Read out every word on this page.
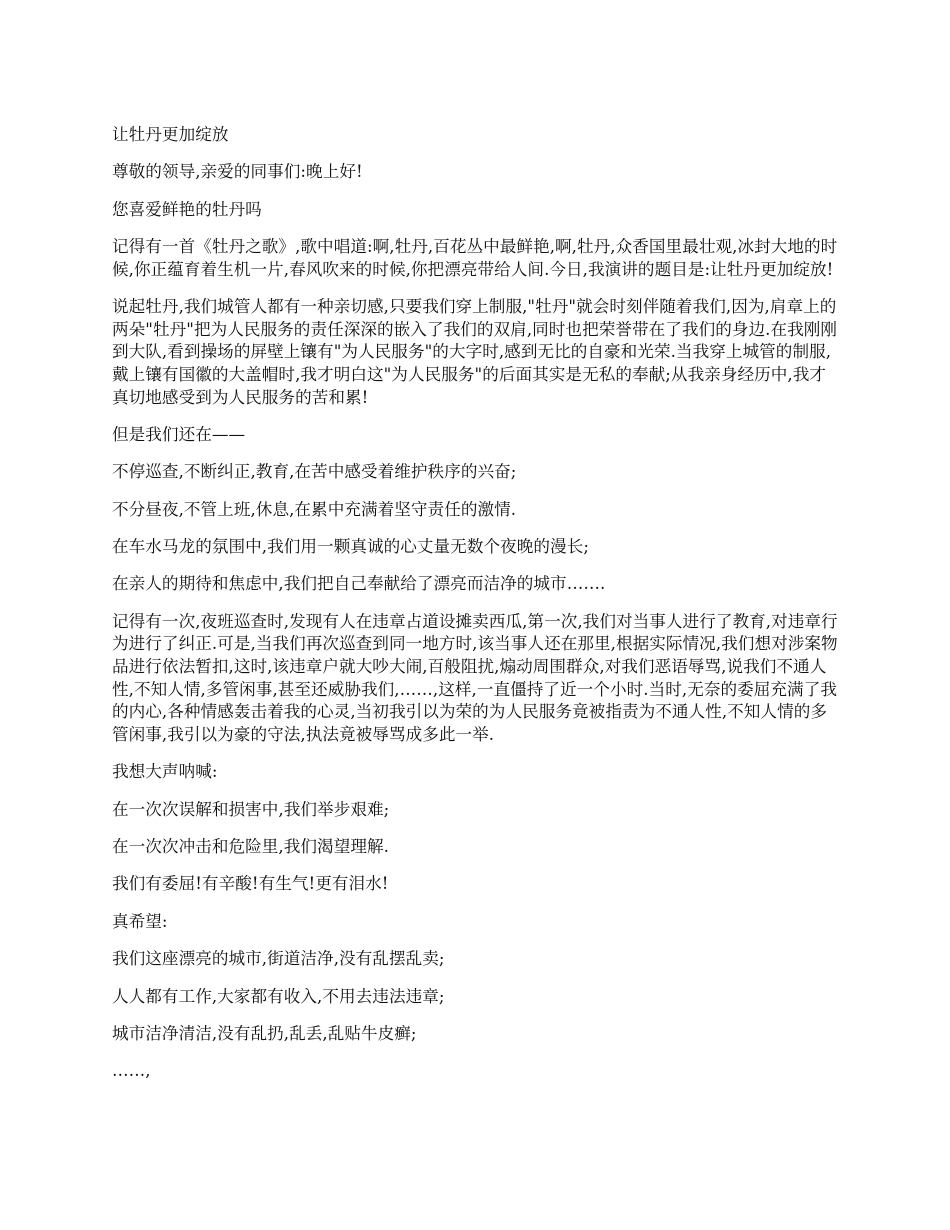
让牡丹更加绽放

尊敬的领导,亲爱的同事们:晚上好!

您喜爱鲜艳的牡丹吗

记得有一首《牡丹之歌》,歌中唱道:啊,牡丹,百花丛中最鲜艳,啊,牡丹,众香国里最壮观,冰封大地的时候,你正蕴育着生机一片,春风吹来的时候,你把漂亮带给人间.今日,我演讲的题目是:让牡丹更加绽放!

说起牡丹,我们城管人都有一种亲切感,只要我们穿上制服,"牡丹"就会时刻伴随着我们,因为,肩章上的两朵"牡丹"把为人民服务的责任深深的嵌入了我们的双肩,同时也把荣誉带在了我们的身边.在我刚刚到大队,看到操场的屏壁上镶有"为人民服务"的大字时,感到无比的自豪和光荣.当我穿上城管的制服,戴上镶有国徽的大盖帽时,我才明白这"为人民服务"的后面其实是无私的奉献;从我亲身经历中,我才真切地感受到为人民服务的苦和累!

但是我们还在——

不停巡查,不断纠正,教育,在苦中感受着维护秩序的兴奋;

不分昼夜,不管上班,休息,在累中充满着坚守责任的激情.

在车水马龙的氛围中,我们用一颗真诚的心丈量无数个夜晚的漫长;

在亲人的期待和焦虑中,我们把自己奉献给了漂亮而洁净的城市…….

记得有一次,夜班巡查时,发现有人在违章占道设摊卖西瓜,第一次,我们对当事人进行了教育,对违章行为进行了纠正.可是,当我们再次巡查到同一地方时,该当事人还在那里,根据实际情况,我们想对涉案物品进行依法暂扣,这时,该违章户就大吵大闹,百般阻扰,煽动周围群众,对我们恶语辱骂,说我们不通人性,不知人情,多管闲事,甚至还威胁我们,……,这样,一直僵持了近一个小时.当时,无奈的委屈充满了我的内心,各种情感轰击着我的心灵,当初我引以为荣的为人民服务竟被指责为不通人性,不知人情的多管闲事,我引以为豪的守法,执法竟被辱骂成多此一举.

我想大声呐喊:

在一次次误解和损害中,我们举步艰难;

在一次次冲击和危险里,我们渴望理解.

我们有委屈!有辛酸!有生气!更有泪水!

真希望:

我们这座漂亮的城市,街道洁净,没有乱摆乱卖;

人人都有工作,大家都有收入,不用去违法违章;

城市洁净清洁,没有乱扔,乱丢,乱贴牛皮癣;

……,
